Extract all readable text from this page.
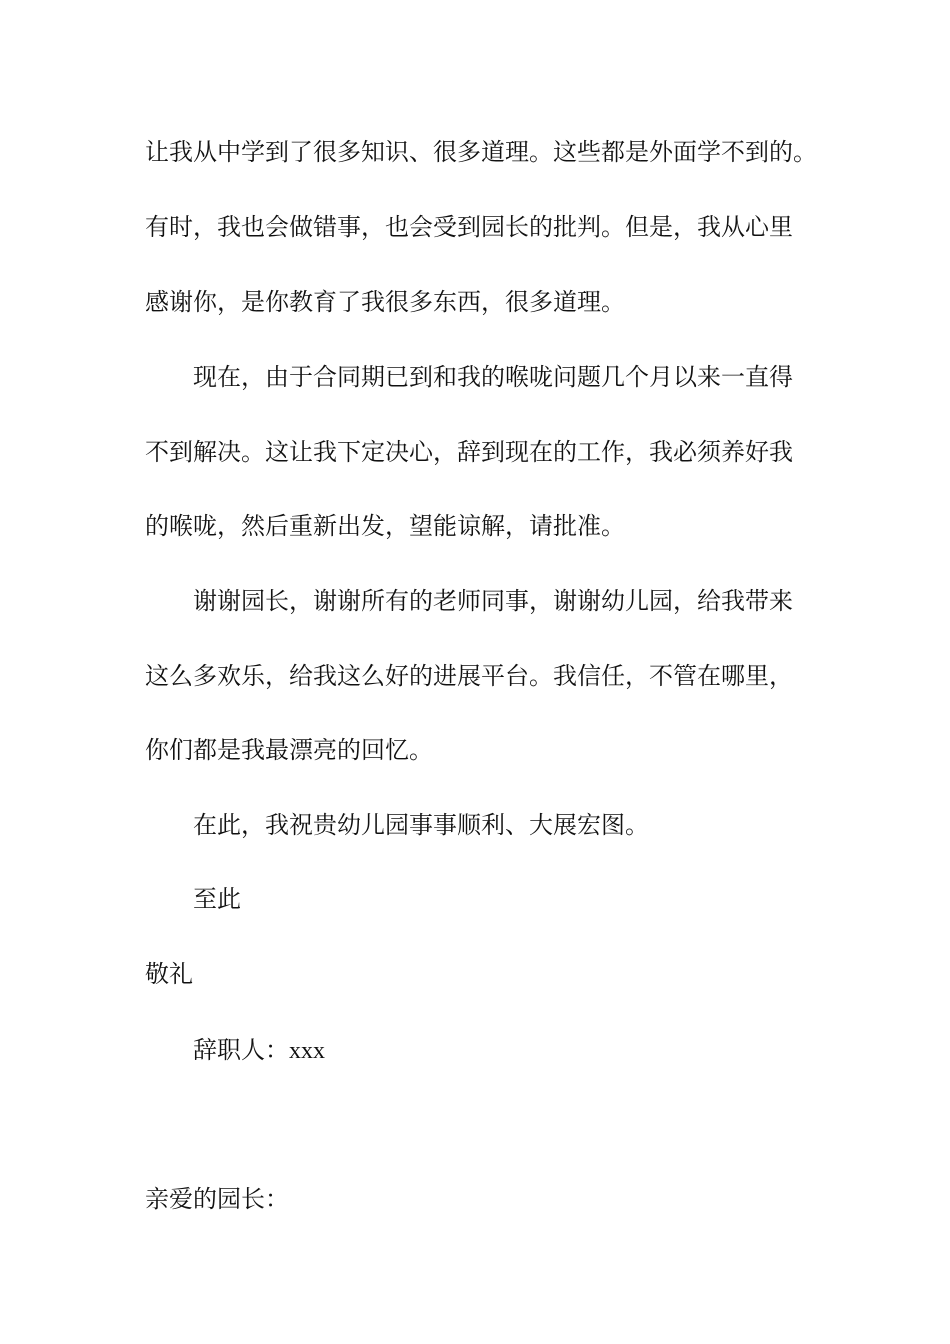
让我从中学到了很多知识、很多道理。这些都是外面学不到的。
有时，我也会做错事，也会受到园长的批判。但是，我从心里
感谢你，是你教育了我很多东西，很多道理。
现在，由于合同期已到和我的喉咙问题几个月以来一直得
不到解决。这让我下定决心，辞到现在的工作，我必须养好我
的喉咙，然后重新出发，望能谅解，请批准。
谢谢园长，谢谢所有的老师同事，谢谢幼儿园，给我带来
这么多欢乐，给我这么好的进展平台。我信任，不管在哪里，
你们都是我最漂亮的回忆。
在此，我祝贵幼儿园事事顺利、大展宏图。
至此
敬礼
辞职人：xxx
亲爱的园长：
